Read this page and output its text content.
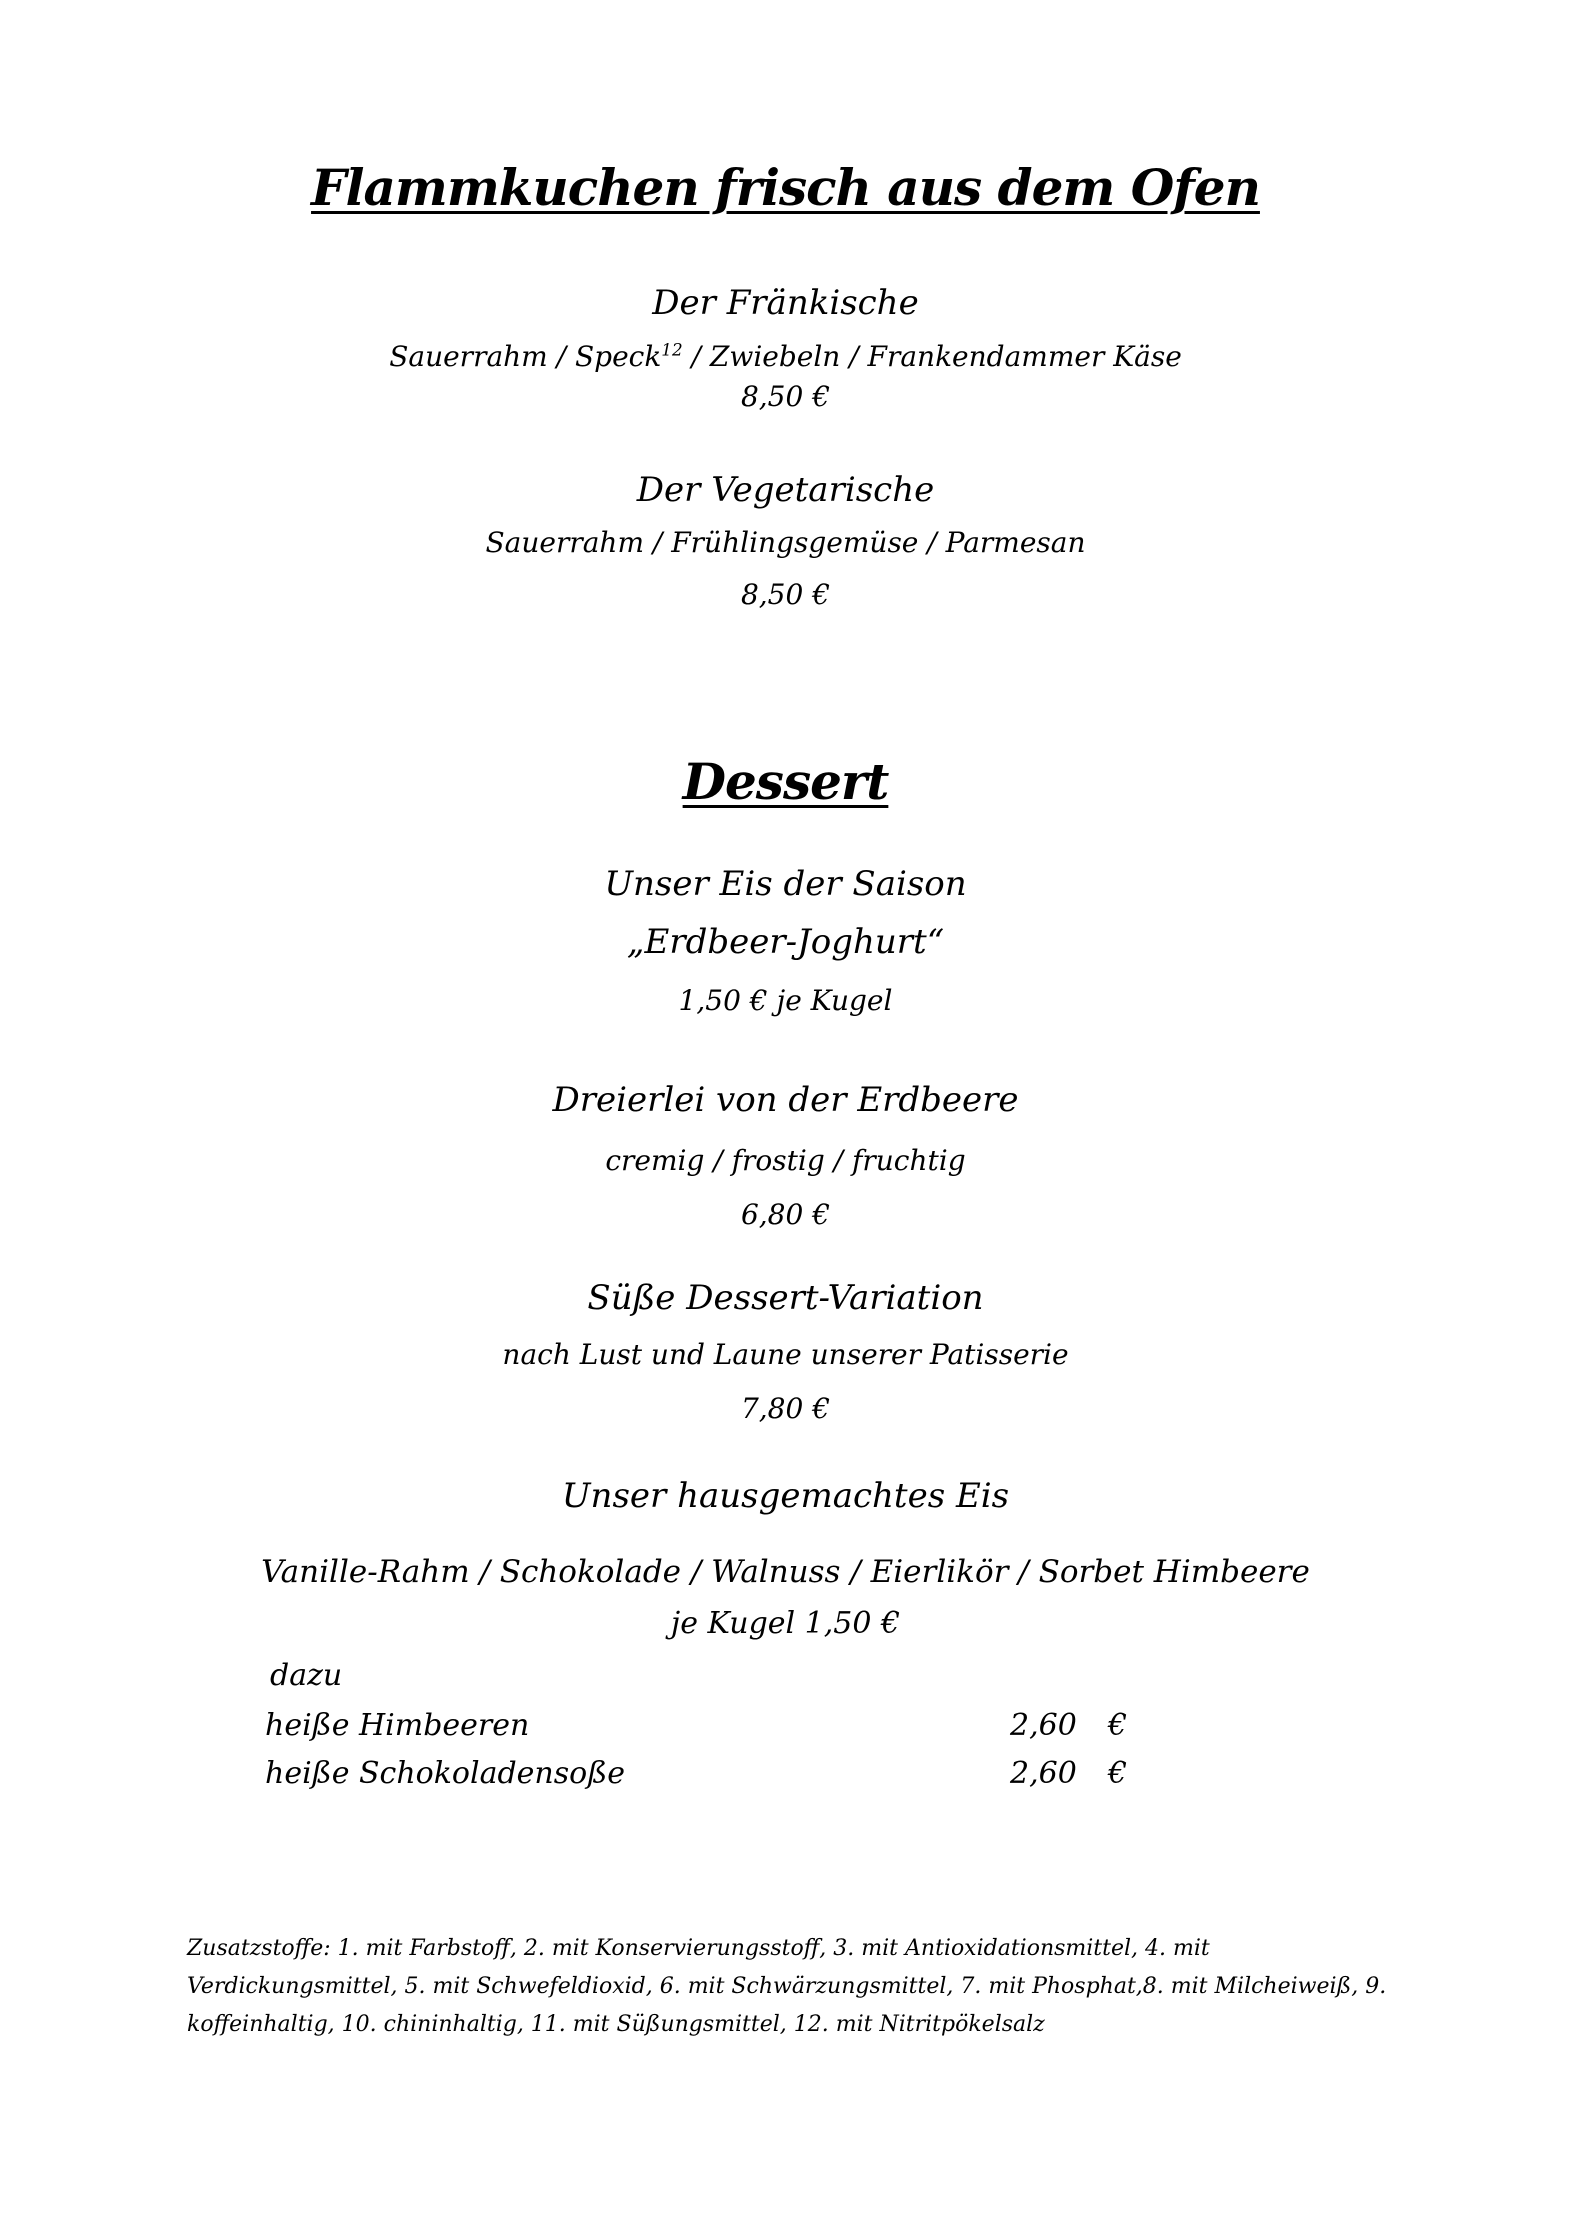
Flammkuchen frisch aus dem Ofen
Der Fränkische
Sauerrahm / Speck$^{12}$ / Zwiebeln / Frankendammer Käse
8,50 €
Der Vegetarische
Sauerrahm / Frühlingsgemüse / Parmesan
8,50 €
Dessert
Unser Eis der Saison
„Erdbeer-Joghurt“
1,50 € je Kugel
Dreierlei von der Erdbeere
cremig / frostig / fruchtig
6,80 €
Süße Dessert-Variation
nach Lust und Laune unserer Patisserie
7,80 €
Unser hausgemachtes Eis
Vanille-Rahm / Schokolade / Walnuss / Eierlikör / Sorbet Himbeere
je Kugel 1,50 €
dazu
heiße Himbeeren	2,60 €
heiße Schokoladensoße	2,60 €
Zusatzstoffe: 1. mit Farbstoff, 2. mit Konservierungsstoff, 3. mit Antioxidationsmittel, 4. mit Verdickungsmittel, 5. mit Schwefeldioxid, 6. mit Schwärzungsmittel, 7. mit Phosphat,8. mit Milcheiweiß, 9. koffeinhaltig, 10. chininhaltig, 11. mit Süßungsmittel, 12. mit Nitritpökelsalz
